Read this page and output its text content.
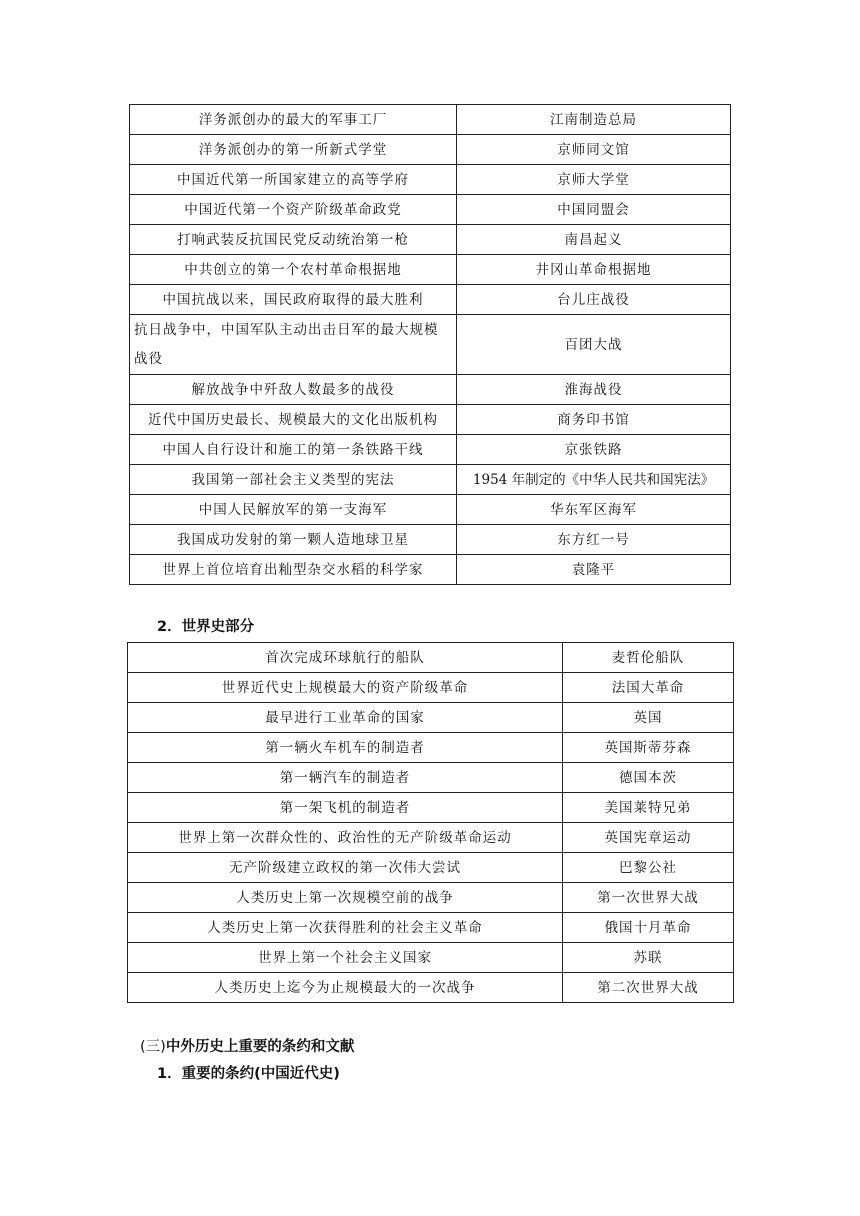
洋务派创办的最大的军事工厂	江南制造总局
洋务派创办的第一所新式学堂	京师同文馆
中国近代第一所国家建立的高等学府	京师大学堂
中国近代第一个资产阶级革命政党	中国同盟会
打响武装反抗国民党反动统治第一枪	南昌起义
中共创立的第一个农村革命根据地	井冈山革命根据地
中国抗战以来，国民政府取得的最大胜利	台儿庄战役
抗日战争中，中国军队主动出击日军的最大规模战役	百团大战
解放战争中歼敌人数最多的战役	淮海战役
近代中国历史最长、规模最大的文化出版机构	商务印书馆
中国人自行设计和施工的第一条铁路干线	京张铁路
我国第一部社会主义类型的宪法	1954 年制定的《中华人民共和国宪法》
中国人民解放军的第一支海军	华东军区海军
我国成功发射的第一颗人造地球卫星	东方红一号
世界上首位培育出籼型杂交水稻的科学家	袁隆平
2．世界史部分
首次完成环球航行的船队	麦哲伦船队
世界近代史上规模最大的资产阶级革命	法国大革命
最早进行工业革命的国家	英国
第一辆火车机车的制造者	英国斯蒂芬森
第一辆汽车的制造者	德国本茨
第一架飞机的制造者	美国莱特兄弟
世界上第一次群众性的、政治性的无产阶级革命运动	英国宪章运动
无产阶级建立政权的第一次伟大尝试	巴黎公社
人类历史上第一次规模空前的战争	第一次世界大战
人类历史上第一次获得胜利的社会主义革命	俄国十月革命
世界上第一个社会主义国家	苏联
人类历史上迄今为止规模最大的一次战争	第二次世界大战
(三)中外历史上重要的条约和文献
1．重要的条约(中国近代史)
